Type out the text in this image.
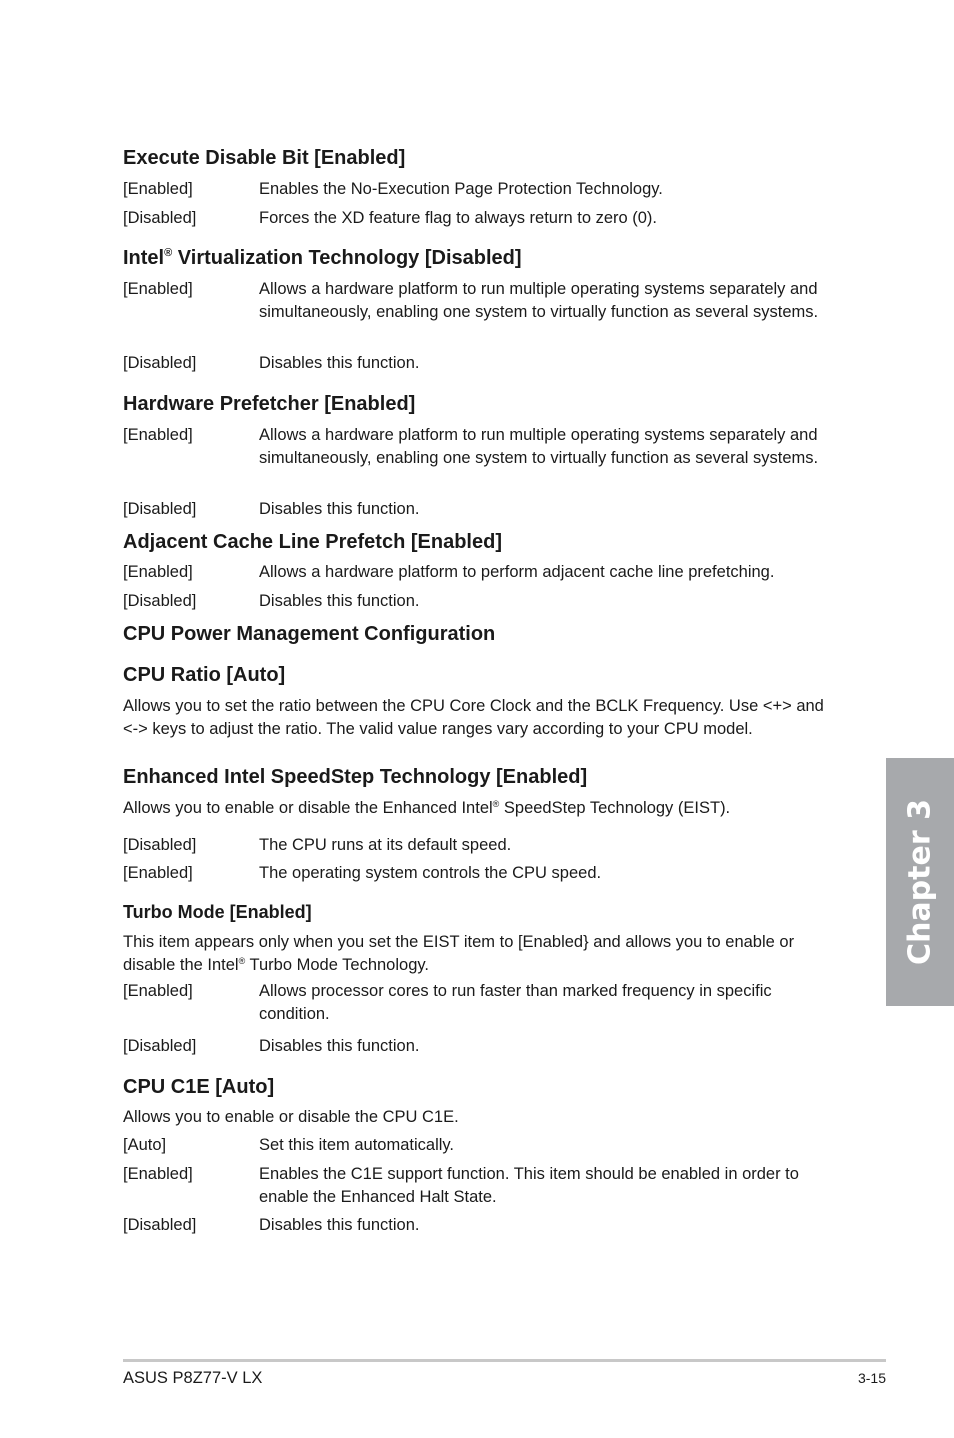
Execute Disable Bit [Enabled]
[Enabled]	Enables the No-Execution Page Protection Technology.
[Disabled]	Forces the XD feature flag to always return to zero (0).
Intel® Virtualization Technology [Disabled]
[Enabled]	Allows a hardware platform to run multiple operating systems separately and simultaneously, enabling one system to virtually function as several systems.
[Disabled]	Disables this function.
Hardware Prefetcher [Enabled]
[Enabled]	Allows a hardware platform to run multiple operating systems separately and simultaneously, enabling one system to virtually function as several systems.
[Disabled]	Disables this function.
Adjacent Cache Line Prefetch [Enabled]
[Enabled]	Allows a hardware platform to perform adjacent cache line prefetching.
[Disabled]	Disables this function.
CPU Power Management Configuration
CPU Ratio [Auto]
Allows you to set the ratio between the CPU Core Clock and the BCLK Frequency. Use <+> and <-> keys to adjust the ratio. The valid value ranges vary according to your CPU model.
Enhanced Intel SpeedStep Technology [Enabled]
Allows you to enable or disable the Enhanced Intel® SpeedStep Technology (EIST).
[Disabled]	The CPU runs at its default speed.
[Enabled]	The operating system controls the CPU speed.
Turbo Mode [Enabled]
This item appears only when you set the EIST item to [Enabled} and allows you to enable or disable the Intel® Turbo Mode Technology.
[Enabled]	Allows processor cores to run faster than marked frequency in specific condition.
[Disabled]	Disables this function.
CPU C1E [Auto]
Allows you to enable or disable the CPU C1E.
[Auto]	Set this item automatically.
[Enabled]	Enables the C1E support function. This item should be enabled in order to enable the Enhanced Halt State.
[Disabled]	Disables this function.
Chapter 3
ASUS P8Z77-V LX	3-15
